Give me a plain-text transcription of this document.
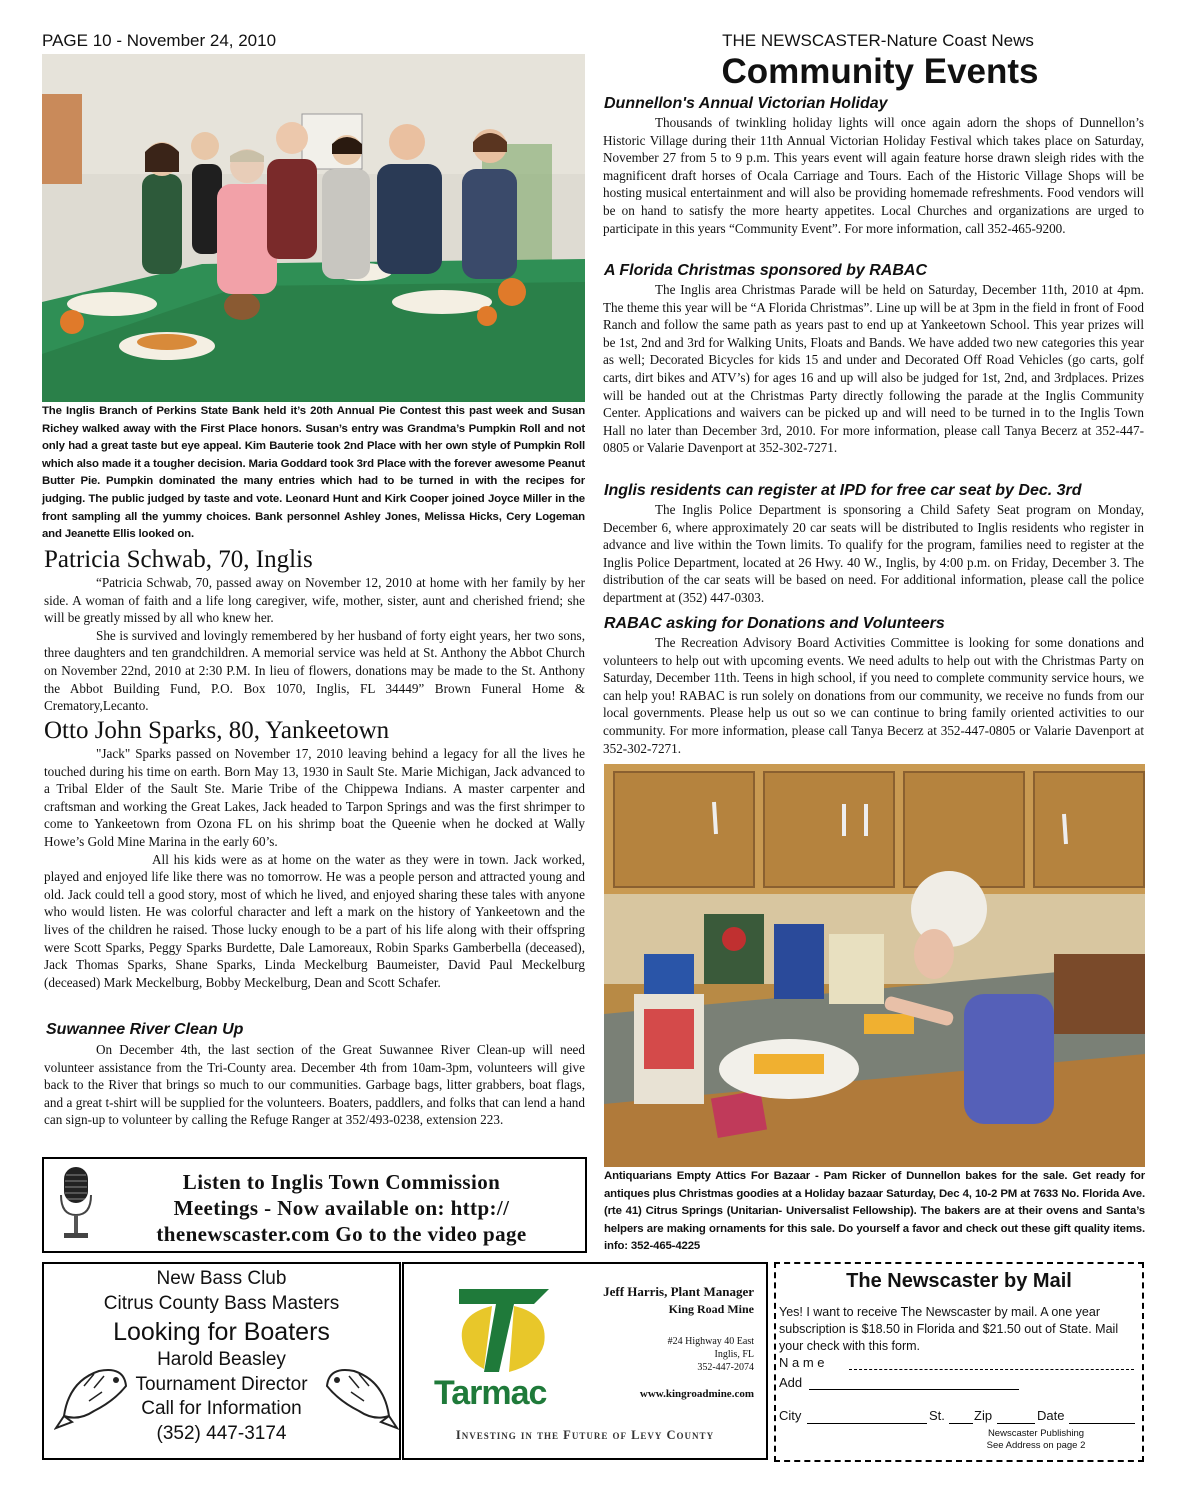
PAGE 10 - November 24, 2010	THE NEWSCASTER-Nature Coast News
Community Events
The Inglis Branch of Perkins State Bank held it’s 20th Annual Pie Contest this past week and Susan Richey walked away with the First Place honors. Susan’s entry was Grandma’s Pumpkin Roll and not only had a great taste but eye appeal. Kim Bauterie took 2nd Place with her own style of Pumpkin Roll which also made it a tougher decision. Maria Goddard took 3rd Place with the forever awesome Peanut Butter Pie. Pumpkin dominated the many entries which had to be turned in with the recipes for judging. The public judged by taste and vote. Leonard Hunt and Kirk Cooper joined Joyce Miller in the front sampling all the yummy choices. Bank personnel Ashley Jones, Melissa Hicks, Cery Logeman and Jeanette Ellis looked on.
Patricia Schwab, 70, Inglis

“Patricia Schwab, 70, passed away on November 12, 2010 at home with her family by her side. A woman of faith and a life long caregiver, wife, mother, sister, aunt and cherished friend; she will be greatly missed by all who knew her.

She is survived and lovingly remembered by her husband of forty eight years, her two sons, three daughters and ten grandchildren. A memorial service was held at St. Anthony the Abbot Church on November 22nd, 2010 at 2:30 P.M. In lieu of flowers, donations may be made to the St. Anthony the Abbot Building Fund, P.O. Box 1070, Inglis, FL 34449” Brown Funeral Home & Crematory,Lecanto.

Otto John Sparks, 80, Yankeetown

"Jack" Sparks passed on November 17, 2010 leaving behind a legacy for all the lives he touched during his time on earth. Born May 13, 1930 in Sault Ste. Marie Michigan, Jack advanced to a Tribal Elder of the Sault Ste. Marie Tribe of the Chippewa Indians. A master carpenter and craftsman and working the Great Lakes, Jack headed to Tarpon Springs and was the first shrimper to come to Yankeetown from Ozona FL on his shrimp boat the Queenie when he docked at Wally Howe’s Gold Mine Marina in the early 60’s.

All his kids were as at home on the water as they were in town. Jack worked, played and enjoyed life like there was no tomorrow. He was a people person and attracted young and old. Jack could tell a good story, most of which he lived, and enjoyed sharing these tales with anyone who would listen. He was colorful character and left a mark on the history of Yankeetown and the lives of the children he raised. Those lucky enough to be a part of his life along with their offspring were Scott Sparks, Peggy Sparks Burdette, Dale Lamoreaux, Robin Sparks Gamberbella (deceased), Jack Thomas Sparks, Shane Sparks, Linda Meckelburg Baumeister, David Paul Meckelburg (deceased) Mark Meckelburg, Bobby Meckelburg, Dean and Scott Schafer.

Suwannee River Clean Up

On December 4th, the last section of the Great Suwannee River Clean-up will need volunteer assistance from the Tri-County area. December 4th from 10am-3pm, volunteers will give back to the River that brings so much to our communities. Garbage bags, litter grabbers, boat flags, and a great t-shirt will be supplied for the volunteers. Boaters, paddlers, and folks that can lend a hand can sign-up to volunteer by calling the Refuge Ranger at 352/493-0238, extension 223.

Listen to Inglis Town Commission
Meetings - Now available on: http://
thenewscaster.com Go to the video page
Dunnellon's Annual Victorian Holiday

Thousands of twinkling holiday lights will once again adorn the shops of Dunnellon’s Historic Village during their 11th Annual Victorian Holiday Festival which takes place on Saturday, November 27 from 5 to 9 p.m. This years event will again feature horse drawn sleigh rides with the magnificent draft horses of Ocala Carriage and Tours. Each of the Historic Village Shops will be hosting musical entertainment and will also be providing homemade refreshments. Food vendors will be on hand to satisfy the more hearty appetites. Local Churches and organizations are urged to participate in this years “Community Event”. For more information, call 352-465-9200.

A Florida Christmas sponsored by RABAC

The Inglis area Christmas Parade will be held on Saturday, December 11th, 2010 at 4pm. The theme this year will be “A Florida Christmas”. Line up will be at 3pm in the field in front of Food Ranch and follow the same path as years past to end up at Yankeetown School. This year prizes will be 1st, 2nd and 3rd for Walking Units, Floats and Bands. We have added two new categories this year as well; Decorated Bicycles for kids 15 and under and Decorated Off Road Vehicles (go carts, golf carts, dirt bikes and ATV’s) for ages 16 and up will also be judged for 1st, 2nd, and 3rdplaces. Prizes will be handed out at the Christmas Party directly following the parade at the Inglis Community Center. Applications and waivers can be picked up and will need to be turned in to the Inglis Town Hall no later than December 3rd, 2010. For more information, please call Tanya Becerz at 352-447-0805 or Valarie Davenport at 352-302-7271.

Inglis residents can register at IPD for free car seat by Dec. 3rd

The Inglis Police Department is sponsoring a Child Safety Seat program on Monday, December 6, where approximately 20 car seats will be distributed to Inglis residents who register in advance and live within the Town limits. To qualify for the program, families need to register at the Inglis Police Department, located at 26 Hwy. 40 W., Inglis, by 4:00 p.m. on Friday, December 3. The distribution of the car seats will be based on need. For additional information, please call the police department at (352) 447-0303.

RABAC asking for Donations and Volunteers

The Recreation Advisory Board Activities Committee is looking for some donations and volunteers to help out with upcoming events. We need adults to help out with the Christmas Party on Saturday, December 11th. Teens in high school, if you need to complete community service hours, we can help you! RABAC is run solely on donations from our community, we receive no funds from our local governments. Please help us out so we can continue to bring family oriented activities to our community. For more information, please call Tanya Becerz at 352-447-0805 or Valarie Davenport at 352-302-7271.

Antiquarians Empty Attics For Bazaar - Pam Ricker of Dunnellon bakes for the sale. Get ready for antiques plus Christmas goodies at a Holiday bazaar Saturday, Dec 4, 10-2 PM at 7633 No. Florida Ave. (rte 41) Citrus Springs (Unitarian- Universalist Fellowship). The bakers are at their ovens and Santa’s helpers are making ornaments for this sale. Do yourself a favor and check out these gift quality items. info: 352-465-4225
New Bass Club
Citrus County Bass Masters
Looking for Boaters
Harold Beasley
Tournament Director
Call for Information
(352) 447-3174
Tarmac
Jeff Harris, Plant Manager
King Road Mine
#24 Highway 40 East
Inglis, FL
352-447-2074
www.kingroadmine.com
Investing in the Future of Levy County
The Newscaster by Mail
Yes! I want to receive The Newscaster by mail. A one year subscription is $18.50 in Florida and $21.50 out of State. Mail your check with this form.
N a m e
Add
City	St. Zip	Date
Newscaster Publishing
See Address on page 2
